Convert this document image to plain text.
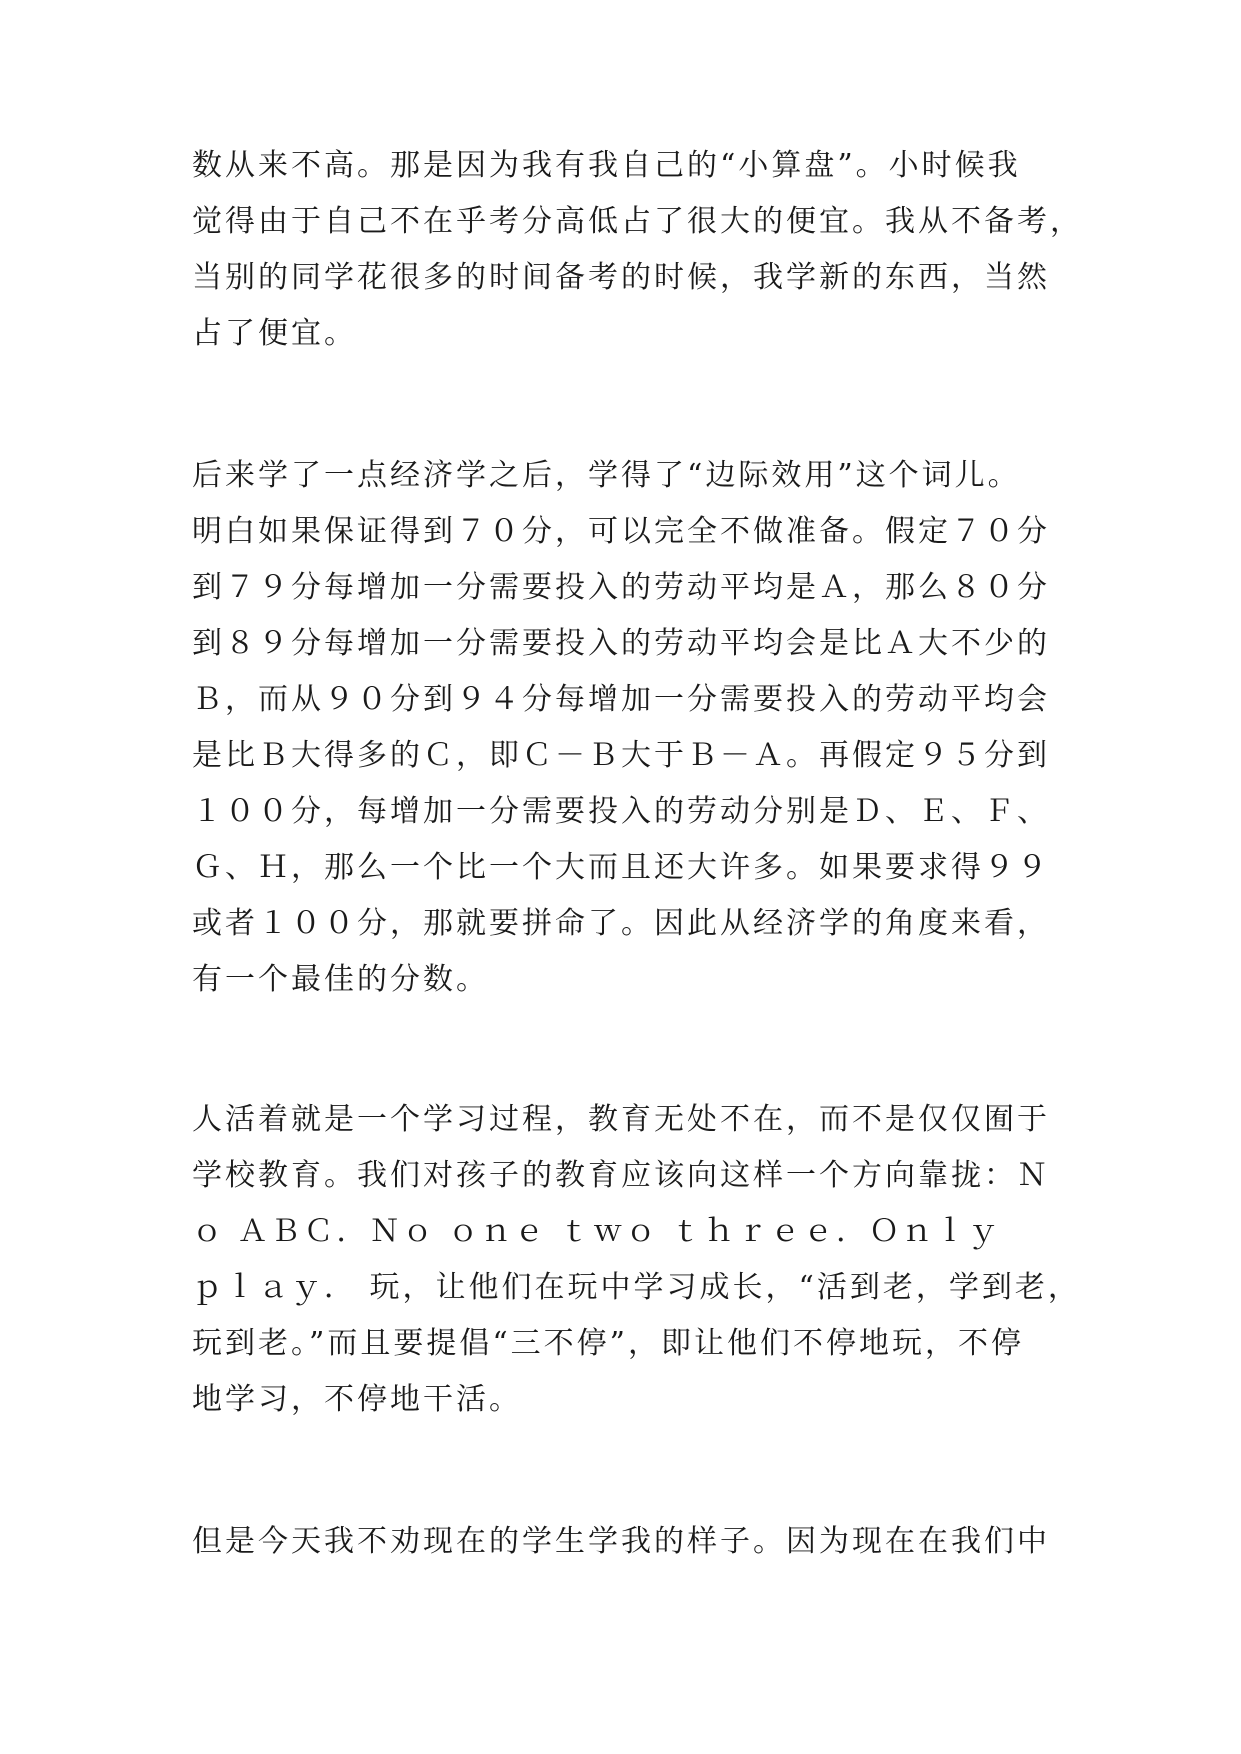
数从来不高。那是因为我有我自己的“小算盘”。小时候我
觉得由于自己不在乎考分高低占了很大的便宜。我从不备考，
当别的同学花很多的时间备考的时候，我学新的东西，当然
占了便宜。
后来学了一点经济学之后，学得了“边际效用”这个词儿。
明白如果保证得到７０分，可以完全不做准备。假定７０分
到７９分每增加一分需要投入的劳动平均是Ａ，那么８０分
到８９分每增加一分需要投入的劳动平均会是比Ａ大不少的
Ｂ，而从９０分到９４分每增加一分需要投入的劳动平均会
是比Ｂ大得多的Ｃ，即Ｃ－Ｂ大于Ｂ－Ａ。再假定９５分到
１００分，每增加一分需要投入的劳动分别是Ｄ、Ｅ、Ｆ、
Ｇ、Ｈ，那么一个比一个大而且还大许多。如果要求得９９
或者１００分，那就要拼命了。因此从经济学的角度来看，
有一个最佳的分数。
人活着就是一个学习过程，教育无处不在，而不是仅仅囿于
学校教育。我们对孩子的教育应该向这样一个方向靠拢：Ｎ
ｏ ＡＢＣ．Ｎｏ ｏｎｅ ｔｗｏ ｔｈｒｅｅ．Ｏｎｌｙ
ｐｌａｙ． 玩，让他们在玩中学习成长，“活到老，学到老，
玩到老。”而且要提倡“三不停”，即让他们不停地玩，不停
地学习，不停地干活。
但是今天我不劝现在的学生学我的样子。因为现在在我们中
